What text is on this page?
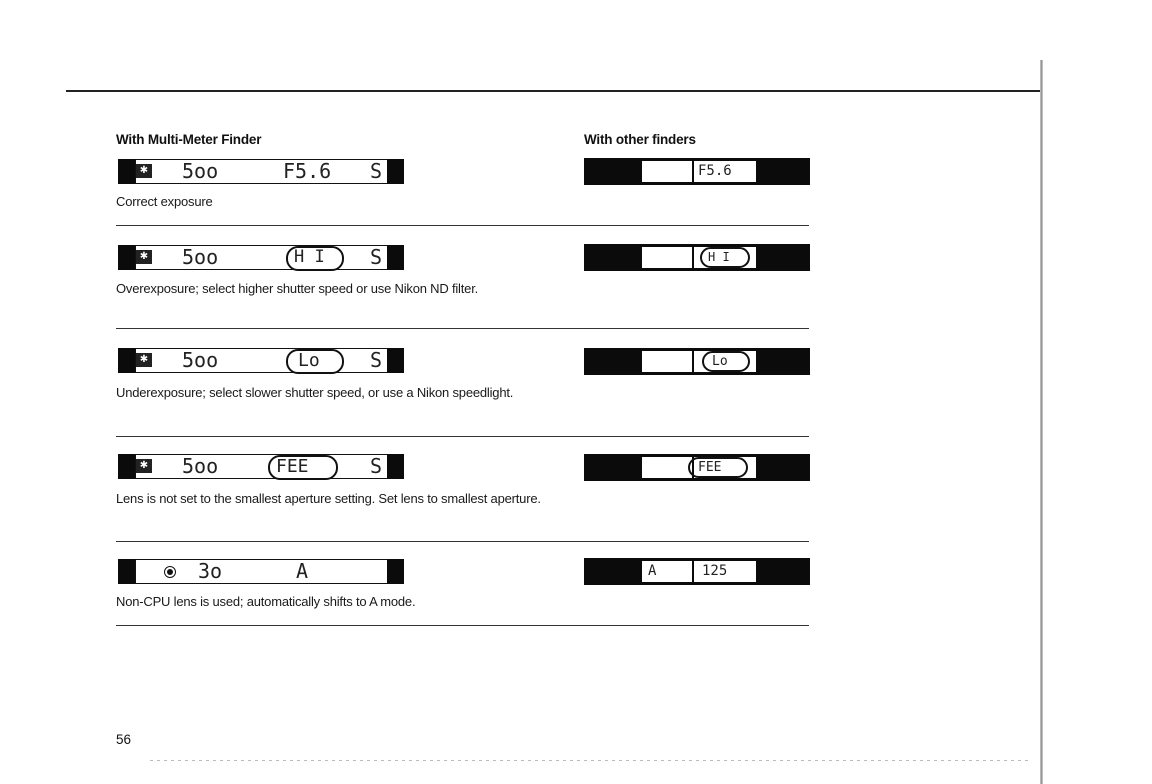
With Multi-Meter Finder	With other finders
✱ 5oo	F5.6 S	F5.6
Correct exposure
✱ 5oo	H I S	H I
Overexposure; select higher shutter speed or use Nikon ND filter.
✱ 5oo	Lo	S	Lo
Underexposure; select slower shutter speed, or use a Nikon speedlight.
✱ 5oo	FEE	S	FEE
Lens is not set to the smallest aperture setting. Set lens to smallest aperture.
3o	A	A	125
Non-CPU lens is used; automatically shifts to A mode.
56
